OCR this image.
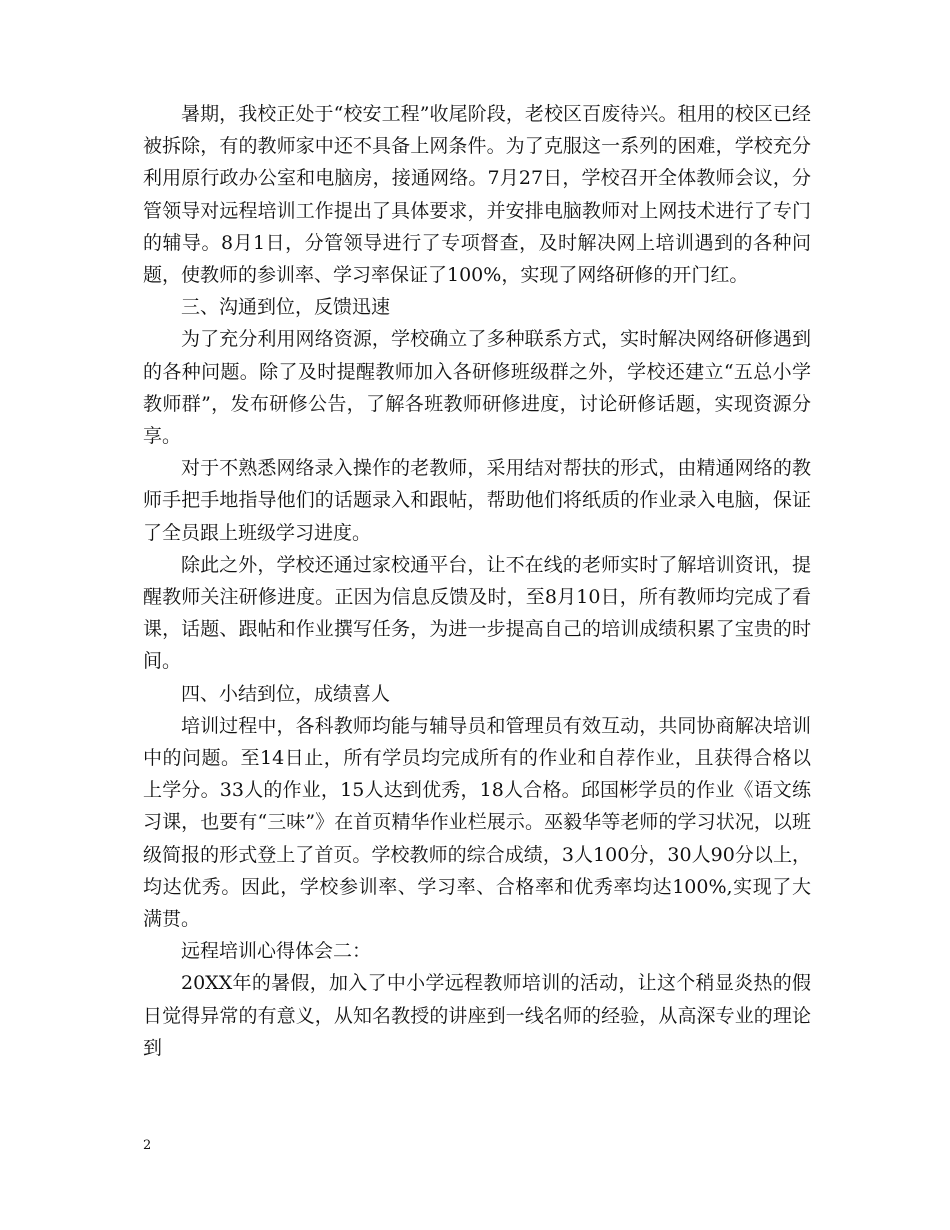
暑期，我校正处于“校安工程”收尾阶段，老校区百废待兴。租用的校区已经被拆除，有的教师家中还不具备上网条件。为了克服这一系列的困难，学校充分利用原行政办公室和电脑房，接通网络。7月27日，学校召开全体教师会议，分管领导对远程培训工作提出了具体要求，并安排电脑教师对上网技术进行了专门的辅导。8月1日，分管领导进行了专项督查，及时解决网上培训遇到的各种问题，使教师的参训率、学习率保证了100%，实现了网络研修的开门红。

三、沟通到位，反馈迅速

为了充分利用网络资源，学校确立了多种联系方式，实时解决网络研修遇到的各种问题。除了及时提醒教师加入各研修班级群之外，学校还建立“五总小学教师群”，发布研修公告，了解各班教师研修进度，讨论研修话题，实现资源分享。

对于不熟悉网络录入操作的老教师，采用结对帮扶的形式，由精通网络的教师手把手地指导他们的话题录入和跟帖，帮助他们将纸质的作业录入电脑，保证了全员跟上班级学习进度。

除此之外，学校还通过家校通平台，让不在线的老师实时了解培训资讯，提醒教师关注研修进度。正因为信息反馈及时，至8月10日，所有教师均完成了看课，话题、跟帖和作业撰写任务，为进一步提高自己的培训成绩积累了宝贵的时间。

四、小结到位，成绩喜人

培训过程中，各科教师均能与辅导员和管理员有效互动，共同协商解决培训中的问题。至14日止，所有学员均完成所有的作业和自荐作业，且获得合格以上学分。33人的作业，15人达到优秀，18人合格。邱国彬学员的作业《语文练习课，也要有“三味”》在首页精华作业栏展示。巫毅华等老师的学习状况，以班级简报的形式登上了首页。学校教师的综合成绩，3人100分，30人90分以上，均达优秀。因此，学校参训率、学习率、合格率和优秀率均达100%,实现了大满贯。

远程培训心得体会二：

20XX年的暑假，加入了中小学远程教师培训的活动，让这个稍显炎热的假日觉得异常的有意义，从知名教授的讲座到一线名师的经验，从高深专业的理论到

2
